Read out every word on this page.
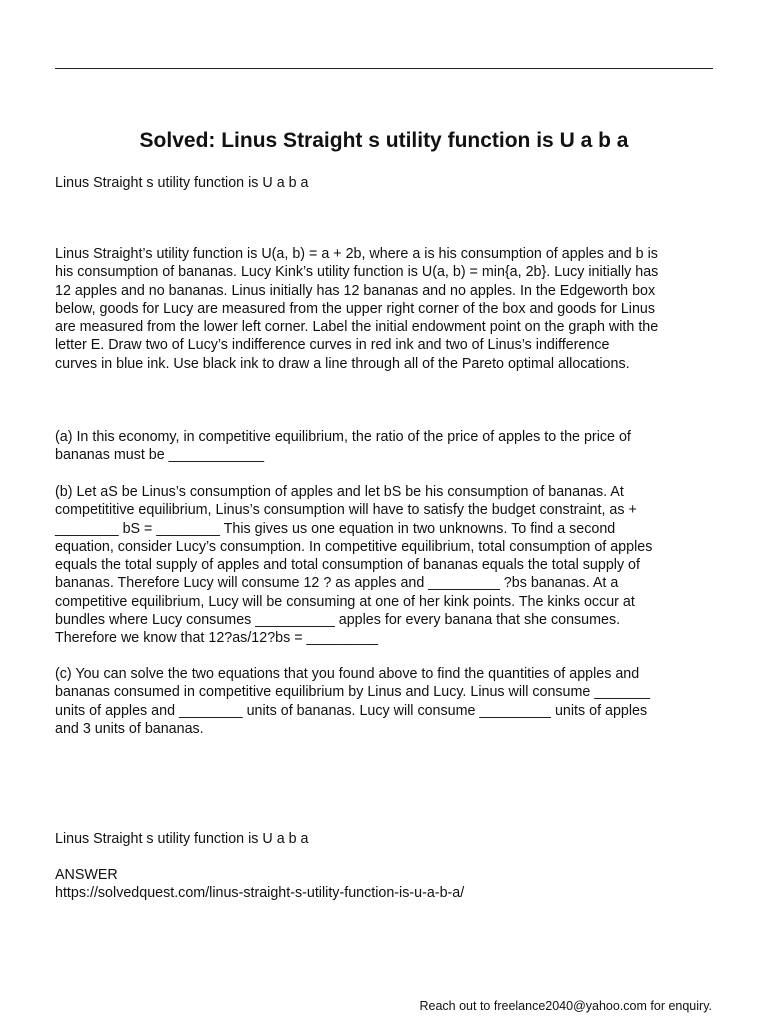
Solved: Linus Straight s utility function is U a b a

Linus Straight s utility function is U a b a

Linus Straight’s utility function is U(a, b) = a + 2b, where a is his consumption of apples and b is
his consumption of bananas. Lucy Kink’s utility function is U(a, b) = min{a, 2b}. Lucy initially has
12 apples and no bananas. Linus initially has 12 bananas and no apples. In the Edgeworth box
below, goods for Lucy are measured from the upper right corner of the box and goods for Linus
are measured from the lower left corner. Label the initial endowment point on the graph with the
letter E. Draw two of Lucy’s indifference curves in red ink and two of Linus’s indifference
curves in blue ink. Use black ink to draw a line through all of the Pareto optimal allocations.

(a) In this economy, in competitive equilibrium, the ratio of the price of apples to the price of
bananas must be ____________

(b) Let aS be Linus’s consumption of apples and let bS be his consumption of bananas. At
competititive equilibrium, Linus’s consumption will have to satisfy the budget constraint, as +
________ bS = ________ This gives us one equation in two unknowns. To find a second
equation, consider Lucy’s consumption. In competitive equilibrium, total consumption of apples
equals the total supply of apples and total consumption of bananas equals the total supply of
bananas. Therefore Lucy will consume 12 ? as apples and _________ ?bs bananas. At a
competitive equilibrium, Lucy will be consuming at one of her kink points. The kinks occur at
bundles where Lucy consumes __________ apples for every banana that she consumes.
Therefore we know that 12?as/12?bs = _________

(c) You can solve the two equations that you found above to find the quantities of apples and
bananas consumed in competitive equilibrium by Linus and Lucy. Linus will consume _______
units of apples and ________ units of bananas. Lucy will consume _________ units of apples
and 3 units of bananas.

Linus Straight s utility function is U a b a

ANSWER

https://solvedquest.com/linus-straight-s-utility-function-is-u-a-b-a/

Reach out to freelance2040@yahoo.com for enquiry.
